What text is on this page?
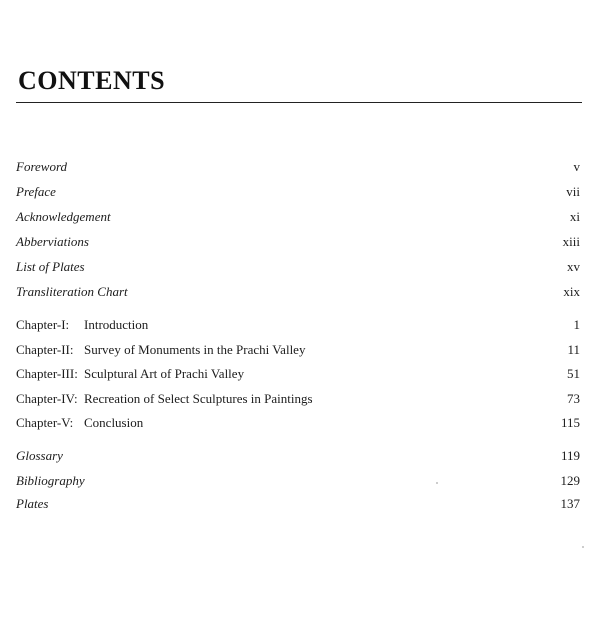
CONTENTS
Foreword	v
Preface	vii
Acknowledgement	xi
Abberviations	xiii
List of Plates	xv
Transliteration Chart	xix
Chapter-I: Introduction	1
Chapter-II: Survey of Monuments in the Prachi Valley	11
Chapter-III: Sculptural Art of Prachi Valley	51
Chapter-IV: Recreation of Select Sculptures in Paintings	73
Chapter-V: Conclusion	115
Glossary	119
Bibliography	129
Plates	137
